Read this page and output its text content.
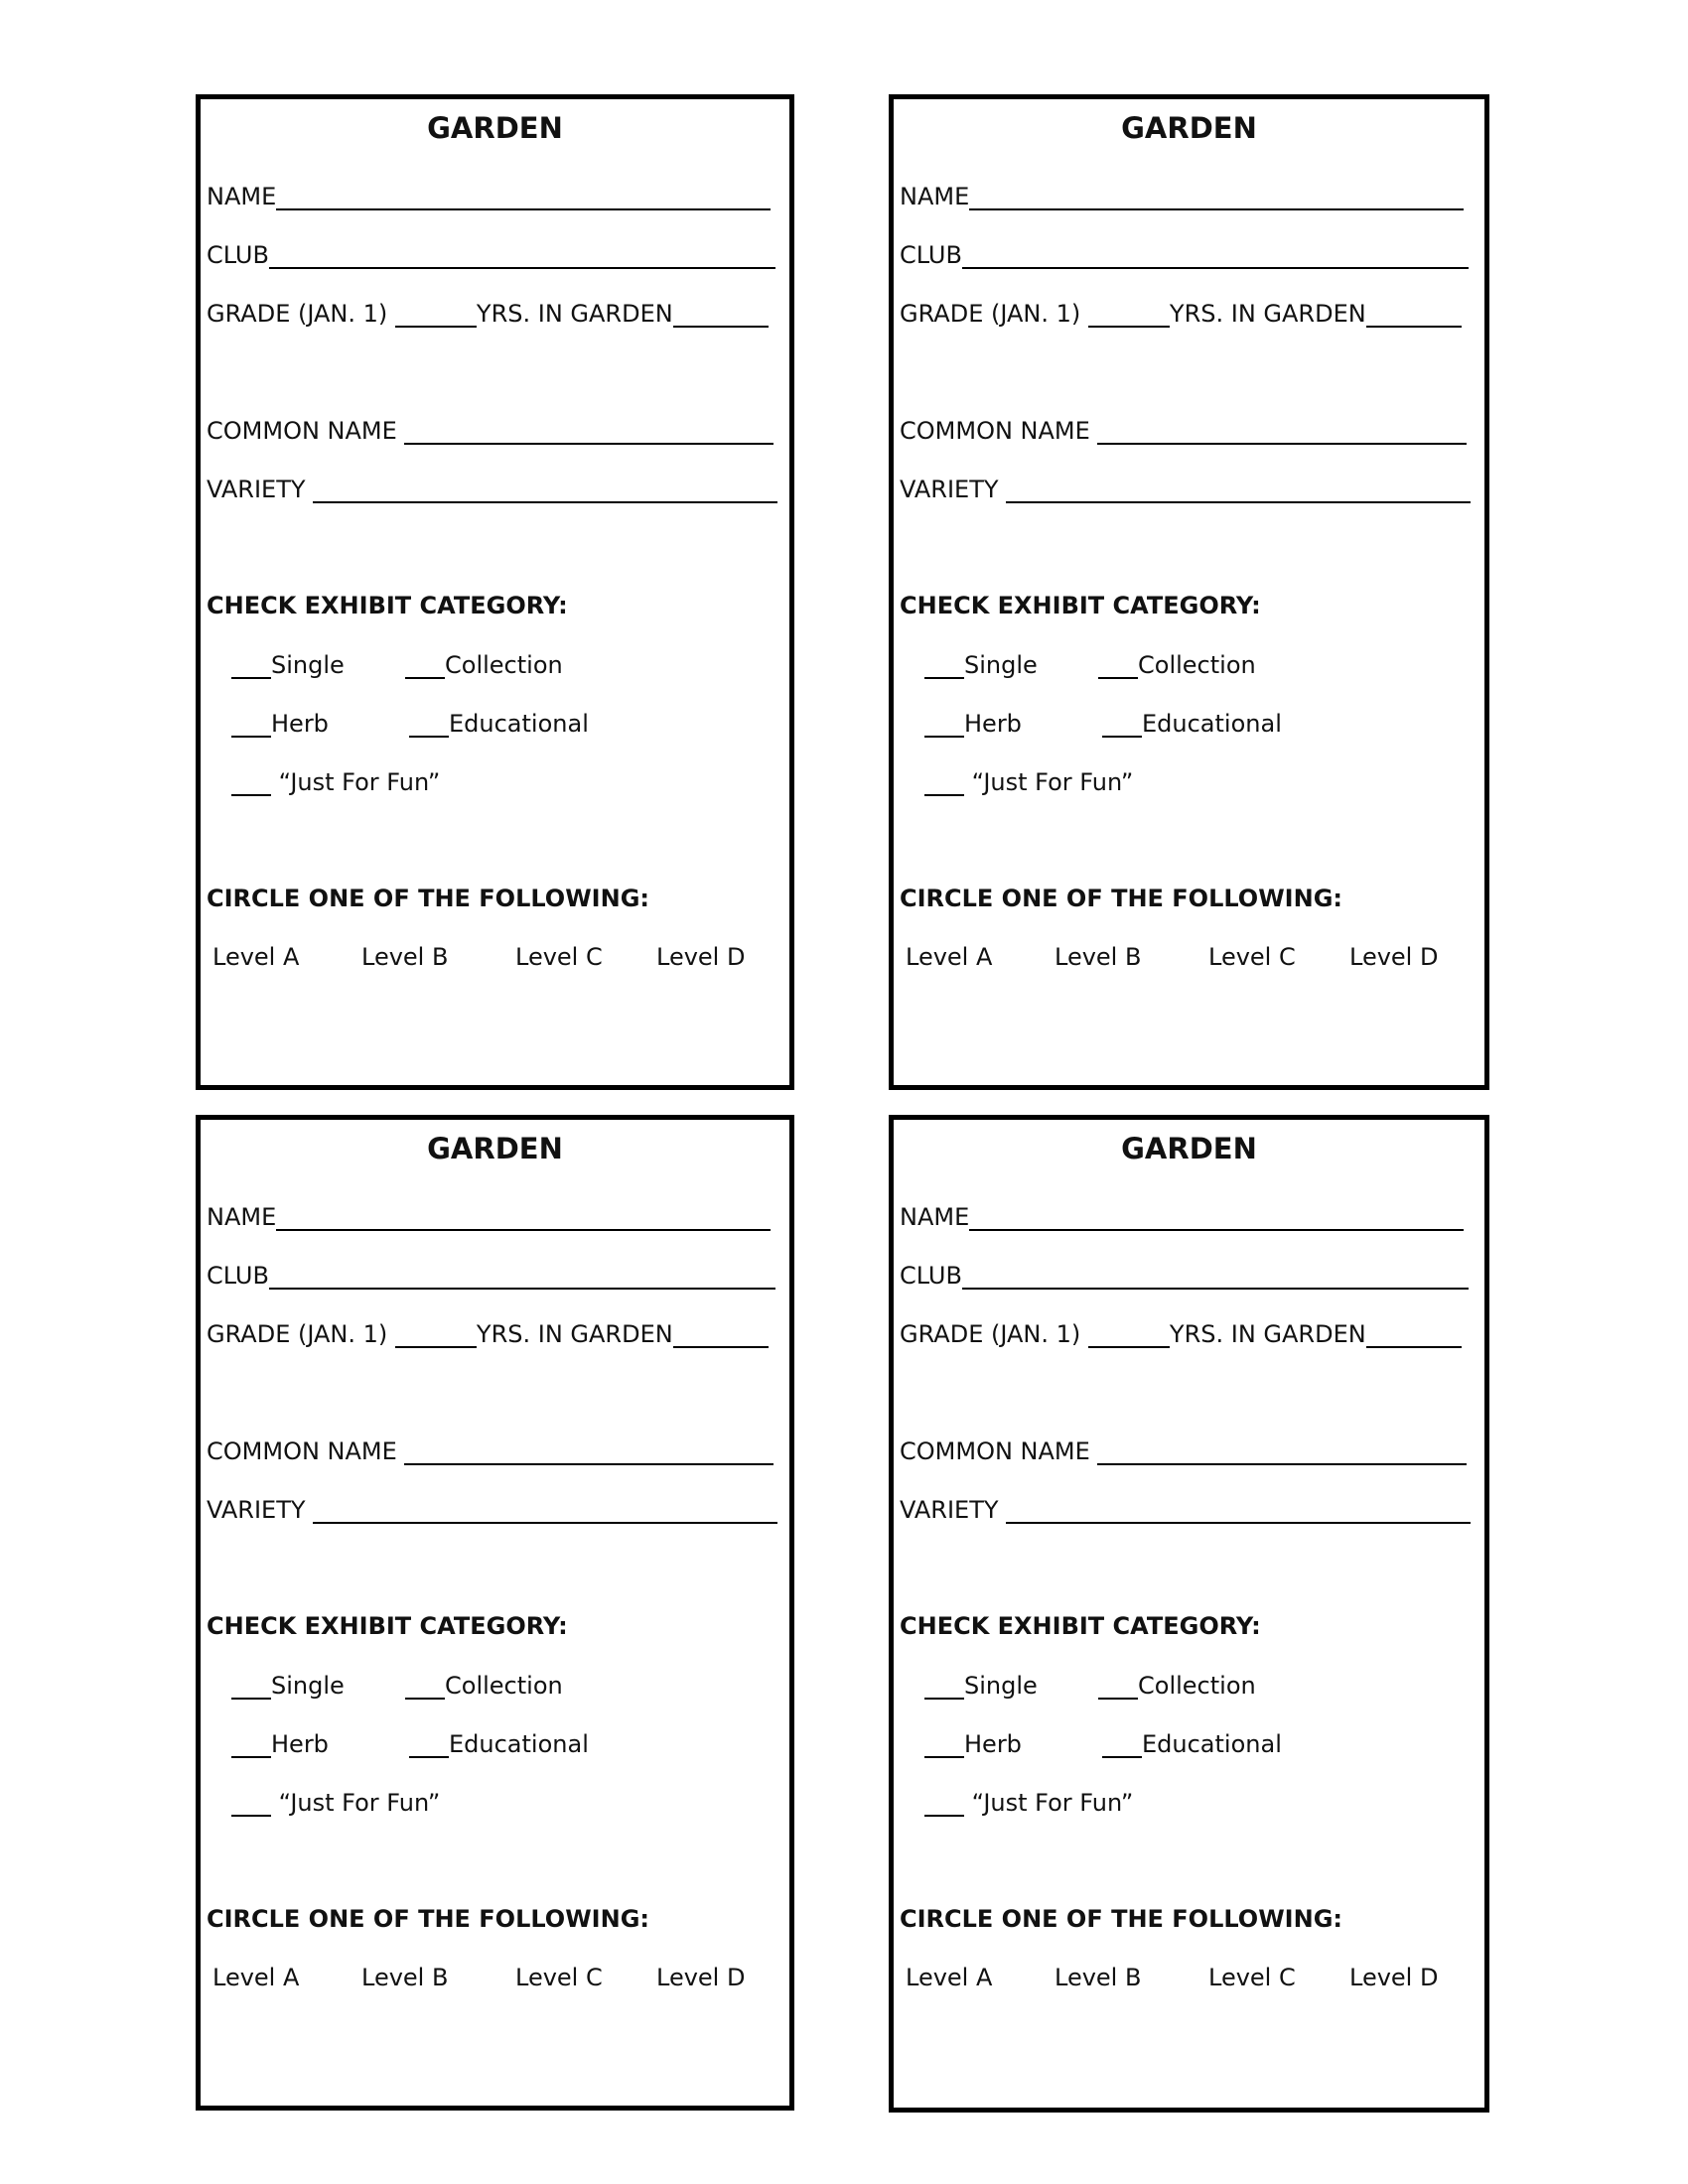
GARDEN
NAME
CLUB
GRADE (JAN. 1)	YRS. IN GARDEN
COMMON NAME
VARIETY
CHECK EXHIBIT CATEGORY:
Single	Collection
Herb	Educational
“Just For Fun”
CIRCLE ONE OF THE FOLLOWING:
Level A	Level B	Level C Level D
GARDEN
NAME
CLUB
GRADE (JAN. 1)	YRS. IN GARDEN
COMMON NAME
VARIETY
CHECK EXHIBIT CATEGORY:
Single	Collection
Herb	Educational
“Just For Fun”
CIRCLE ONE OF THE FOLLOWING:
Level A	Level B	Level C Level D
GARDEN
NAME
CLUB
GRADE (JAN. 1)	YRS. IN GARDEN
COMMON NAME
VARIETY
CHECK EXHIBIT CATEGORY:
Single	Collection
Herb	Educational
“Just For Fun”
CIRCLE ONE OF THE FOLLOWING:
Level A	Level B	Level C Level D
GARDEN
NAME
CLUB
GRADE (JAN. 1)	YRS. IN GARDEN
COMMON NAME
VARIETY
CHECK EXHIBIT CATEGORY:
Single	Collection
Herb	Educational
“Just For Fun”
CIRCLE ONE OF THE FOLLOWING:
Level A	Level B	Level C Level D
